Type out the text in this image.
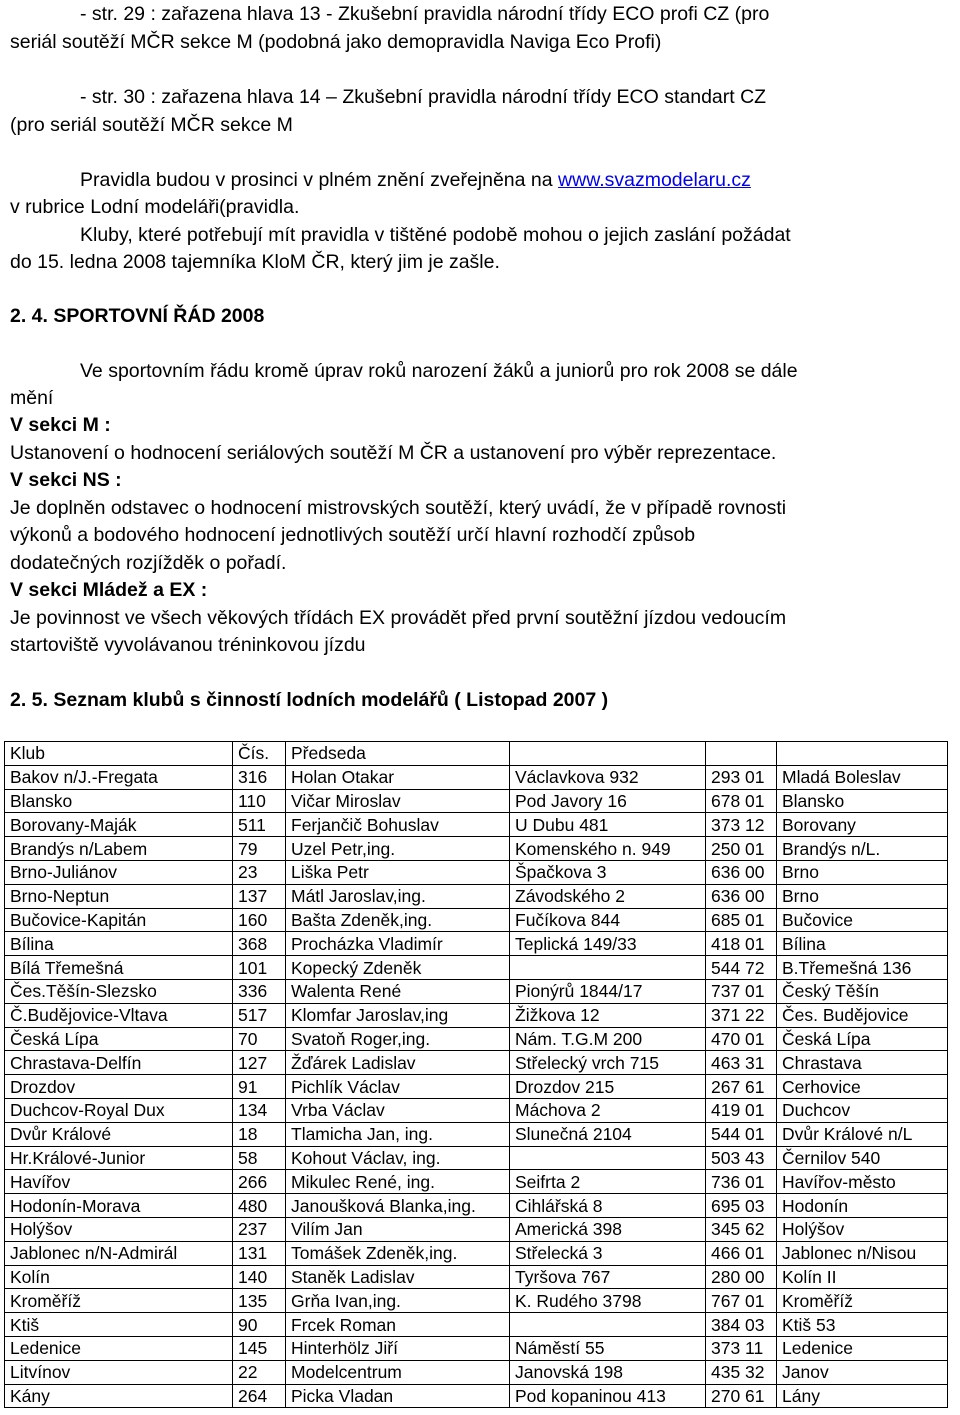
- str. 29 : zařazena hlava 13 - Zkušební pravidla národní třídy ECO profi CZ (pro
seriál soutěží MČR sekce M (podobná jako demopravidla Naviga Eco Profi)
- str. 30 : zařazena hlava 14 – Zkušební pravidla národní třídy ECO standart CZ
(pro seriál soutěží MČR sekce M
Pravidla budou v prosinci v plném znění zveřejněna na www.svazmodelaru.cz
v rubrice Lodní modeláři(pravidla.
Kluby, které potřebují mít pravidla v tištěné podobě mohou o jejich zaslání požádat
do 15. ledna 2008 tajemníka KloM ČR, který jim je zašle.
2. 4. SPORTOVNÍ ŘÁD 2008
Ve sportovním řádu kromě úprav roků narození žáků a juniorů pro rok 2008 se dále
mění
V sekci M :
Ustanovení o hodnocení seriálových soutěží M ČR a ustanovení pro výběr reprezentace.
V sekci NS :
Je doplněn odstavec o hodnocení mistrovských soutěží, který uvádí, že v případě rovnosti
výkonů a bodového hodnocení jednotlivých soutěží určí hlavní rozhodčí způsob
dodatečných rozjížděk o pořadí.
V sekci Mládež a EX :
Je povinnost ve všech věkových třídách EX provádět před první soutěžní jízdou vedoucím
startoviště vyvolávanou tréninkovou jízdu
2. 5. Seznam klubů s činností lodních modelářů ( Listopad 2007 )
Klub	Čís.	Předseda			
Bakov n/J.-Fregata	316	Holan Otakar	Václavkova 932	293 01	Mladá Boleslav
Blansko	110	Vičar Miroslav	Pod Javory 16	678 01	Blansko
Borovany-Maják	511	Ferjančič Bohuslav	U Dubu 481	373 12	Borovany
Brandýs n/Labem	79	Uzel Petr,ing.	Komenského n. 949	250 01	Brandýs n/L.
Brno-Juliánov	23	Liška Petr	Špačkova 3	636 00	Brno
Brno-Neptun	137	Mátl Jaroslav,ing.	Závodského 2	636 00	Brno
Bučovice-Kapitán	160	Bašta Zdeněk,ing.	Fučíkova 844	685 01	Bučovice
Bílina	368	Procházka Vladimír	Teplická 149/33	418 01	Bílina
Bílá Třemešná	101	Kopecký Zdeněk		544 72	B.Třemešná 136
Čes.Těšín-Slezsko	336	Walenta René	Pionýrů 1844/17	737 01	Český Těšín
Č.Budějovice-Vltava	517	Klomfar Jaroslav,ing	Žižkova 12	371 22	Čes. Budějovice
Česká Lípa	70	Svatoň Roger,ing.	Nám. T.G.M 200	470 01	Česká Lípa
Chrastava-Delfín	127	Žďárek Ladislav	Střelecký vrch 715	463 31	Chrastava
Drozdov	91	Pichlík Václav	Drozdov 215	267 61	Cerhovice
Duchcov-Royal Dux	134	Vrba Václav	Máchova 2	419 01	Duchcov
Dvůr Králové	18	Tlamicha Jan, ing.	Slunečná 2104	544 01	Dvůr Králové n/L
Hr.Králové-Junior	58	Kohout Václav, ing.		503 43	Černilov 540
Havířov	266	Mikulec René, ing.	Seifrta 2	736 01	Havířov-město
Hodonín-Morava	480	Janoušková Blanka,ing.	Cihlářská 8	695 03	Hodonín
Holýšov	237	Vilím Jan	Americká 398	345 62	Holýšov
Jablonec n/N-Admirál	131	Tomášek Zdeněk,ing.	Střelecká 3	466 01	Jablonec n/Nisou
Kolín	140	Staněk Ladislav	Tyršova 767	280 00	Kolín II
Kroměříž	135	Grňa Ivan,ing.	K. Rudého 3798	767 01	Kroměříž
Ktiš	90	Frcek Roman		384 03	Ktiš 53
Ledenice	145	Hinterhölz Jiří	Náměstí 55	373 11	Ledenice
Litvínov	22	Modelcentrum	Janovská 198	435 32	Janov
Kány	264	Picka Vladan	Pod kopaninou 413	270 61	Lány
